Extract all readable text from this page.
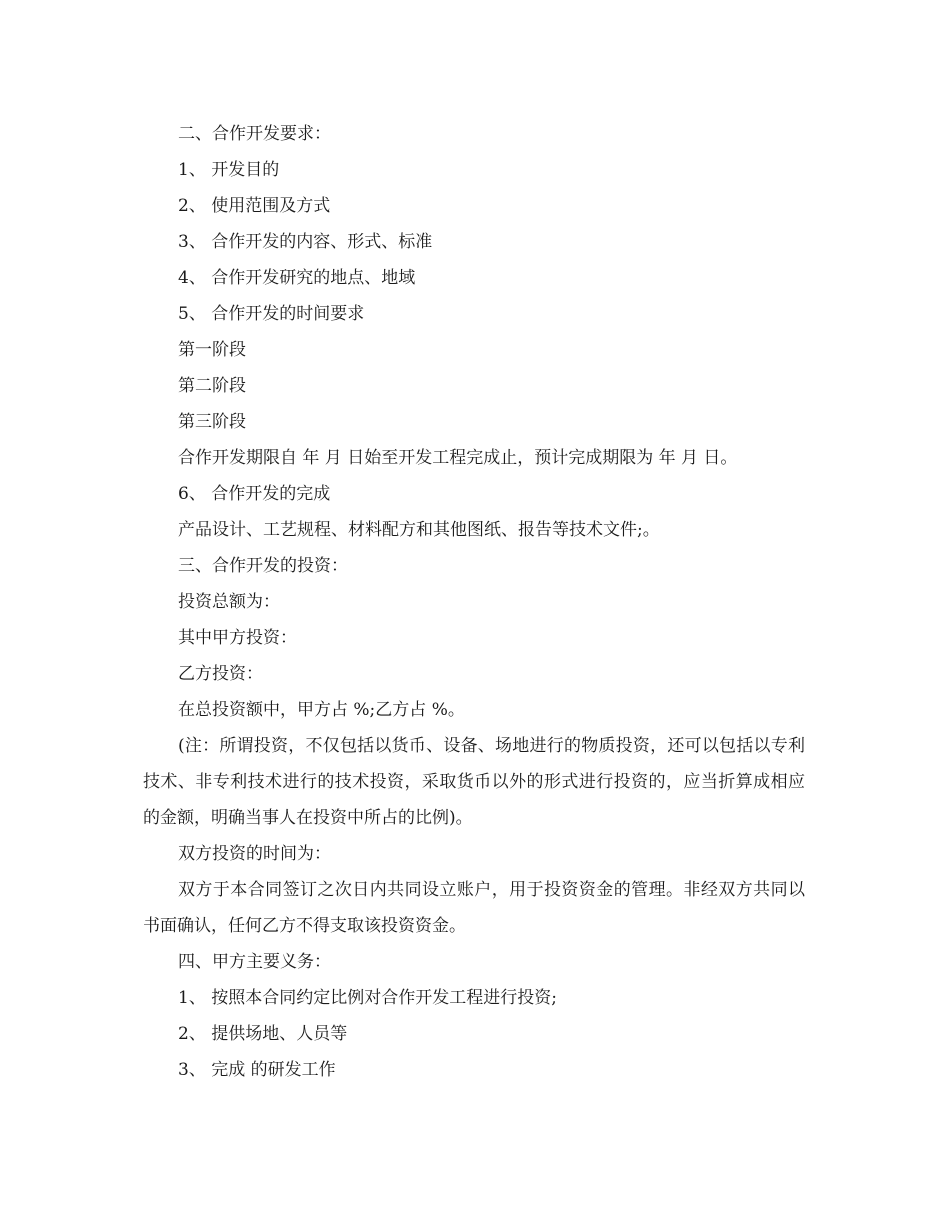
二、合作开发要求：
1、 开发目的
2、 使用范围及方式
3、 合作开发的内容、形式、标准
4、 合作开发研究的地点、地域
5、 合作开发的时间要求
第一阶段
第二阶段
第三阶段
合作开发期限自 年 月 日始至开发工程完成止，预计完成期限为 年 月 日。
6、 合作开发的完成
产品设计、工艺规程、材料配方和其他图纸、报告等技术文件;。
三、合作开发的投资：
投资总额为：
其中甲方投资：
乙方投资：
在总投资额中，甲方占 %;乙方占 %。
(注：所谓投资，不仅包括以货币、设备、场地进行的物质投资，还可以包括以专利技术、非专利技术进行的技术投资，采取货币以外的形式进行投资的，应当折算成相应的金额，明确当事人在投资中所占的比例)。
双方投资的时间为：
双方于本合同签订之次日内共同设立账户，用于投资资金的管理。非经双方共同以书面确认，任何乙方不得支取该投资资金。
四、甲方主要义务：
1、 按照本合同约定比例对合作开发工程进行投资;
2、 提供场地、人员等
3、 完成 的研发工作
